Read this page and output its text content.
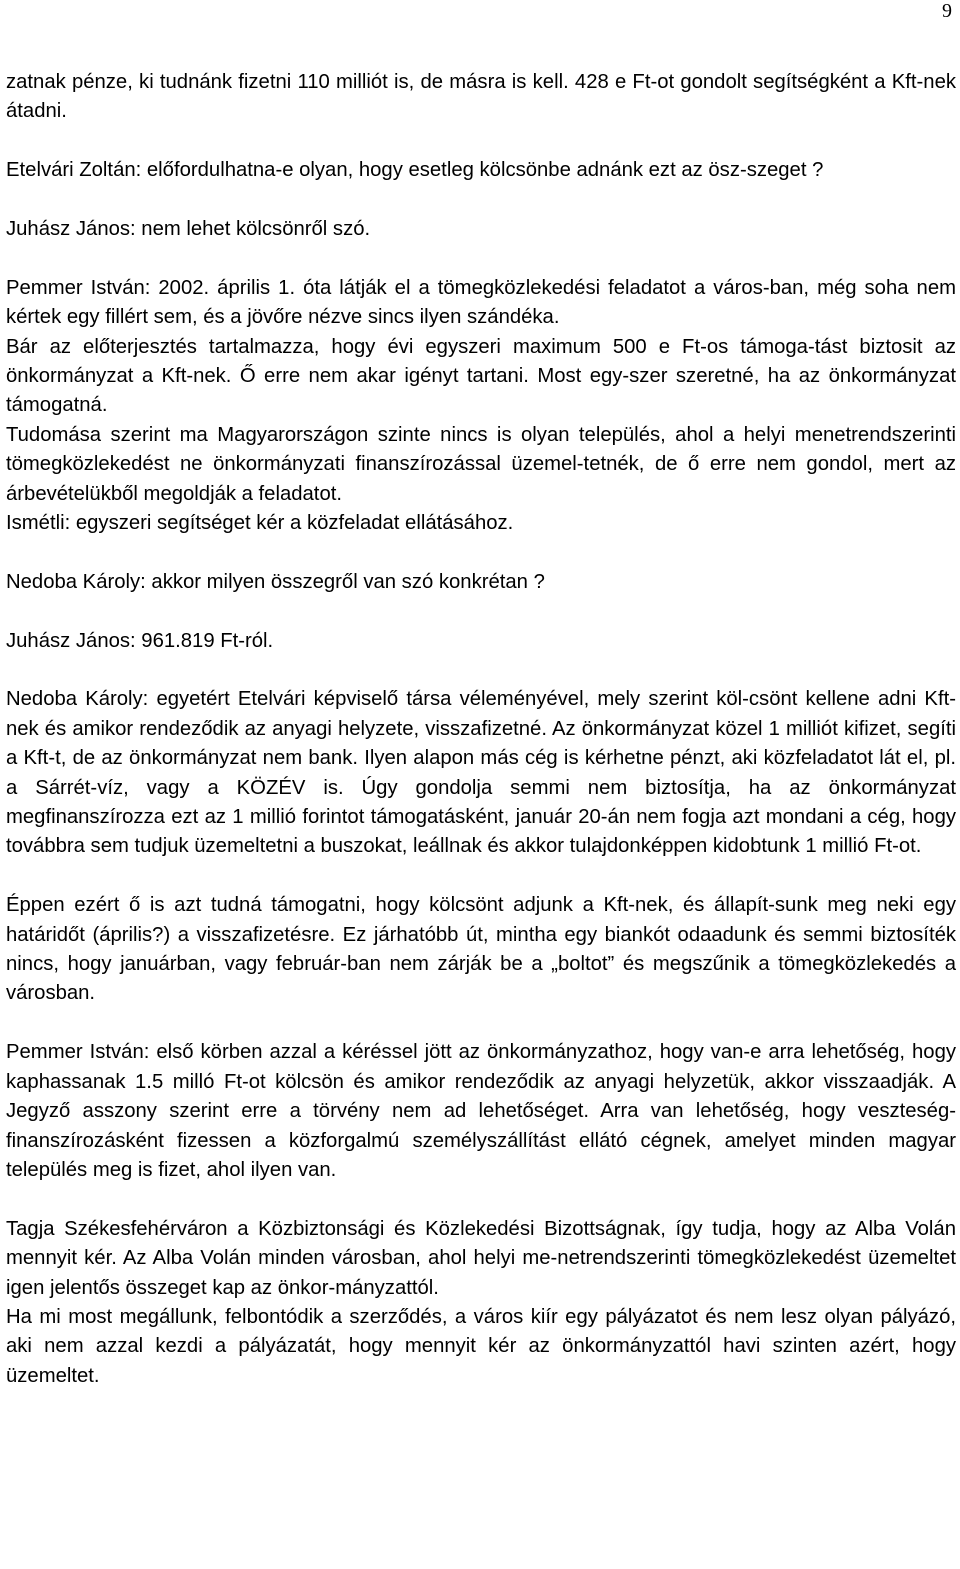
9

zatnak pénze, ki tudnánk fizetni 110 milliót is, de másra is kell. 428 e Ft-ot gondolt segítségként a Kft-nek átadni.

Etelvári Zoltán: előfordulhatna-e olyan, hogy esetleg kölcsönbe adnánk ezt az ösz-szeget ?

Juhász János: nem lehet kölcsönről szó.

Pemmer István: 2002. április 1. óta látják el a tömegközlekedési feladatot a város-ban, még soha nem kértek egy fillért sem, és a jövőre nézve sincs ilyen szándéka.

Bár az előterjesztés tartalmazza, hogy évi egyszeri maximum 500 e Ft-os támoga-tást biztosit az önkormányzat a Kft-nek. Ő erre nem akar igényt tartani. Most egy-szer szeretné, ha az önkormányzat támogatná.

Tudomása szerint ma Magyarországon szinte nincs is olyan település, ahol a helyi menetrendszerinti tömegközlekedést ne önkormányzati finanszírozással üzemel-tetnék, de ő erre nem gondol, mert az árbevételükből megoldják a feladatot.

Ismétli: egyszeri segítséget kér a közfeladat ellátásához.

Nedoba Károly: akkor milyen összegről van szó konkrétan ?

Juhász János: 961.819 Ft-ról.

Nedoba Károly: egyetért Etelvári képviselő társa véleményével, mely szerint köl-csönt kellene adni Kft-nek és amikor rendeződik az anyagi helyzete, visszafizetné. Az önkormányzat közel 1 milliót kifizet, segíti a Kft-t, de az önkormányzat nem bank. Ilyen alapon más cég is kérhetne pénzt, aki közfeladatot lát el, pl. a Sárrét-víz, vagy a KÖZÉV is. Úgy gondolja semmi nem biztosítja, ha az önkormányzat megfinanszírozza ezt az 1 millió forintot támogatásként, január 20-án nem fogja azt mondani a cég, hogy továbbra sem tudjuk üzemeltetni a buszokat, leállnak és akkor tulajdonképpen kidobtunk 1 millió Ft-ot.

Éppen ezért ő is azt tudná támogatni, hogy kölcsönt adjunk a Kft-nek, és állapít-sunk meg neki egy határidőt (április?) a visszafizetésre. Ez járhatóbb út, mintha egy biankót odaadunk és semmi biztosíték nincs, hogy januárban, vagy február-ban nem zárják be a „boltot” és megszűnik a tömegközlekedés a városban.

Pemmer István: első körben azzal a kéréssel jött az önkormányzathoz, hogy van-e arra lehetőség, hogy kaphassanak 1.5 milló Ft-ot kölcsön és amikor rendeződik az anyagi helyzetük, akkor visszaadják. A Jegyző asszony szerint erre a törvény nem ad lehetőséget. Arra van lehetőség, hogy veszteség-finanszírozásként fizessen a közforgalmú személyszállítást ellátó cégnek, amelyet minden magyar település meg is fizet, ahol ilyen van.

Tagja Székesfehérváron a Közbiztonsági és Közlekedési Bizottságnak, így tudja, hogy az Alba Volán mennyit kér. Az Alba Volán minden városban, ahol helyi me-netrendszerinti tömegközlekedést üzemeltet igen jelentős összeget kap az önkor-mányzattól.

Ha mi most megállunk, felbontódik a szerződés, a város kiír egy pályázatot és nem lesz olyan pályázó, aki nem azzal kezdi a pályázatát, hogy mennyit kér az önkormányzattól havi szinten azért, hogy üzemeltet.
